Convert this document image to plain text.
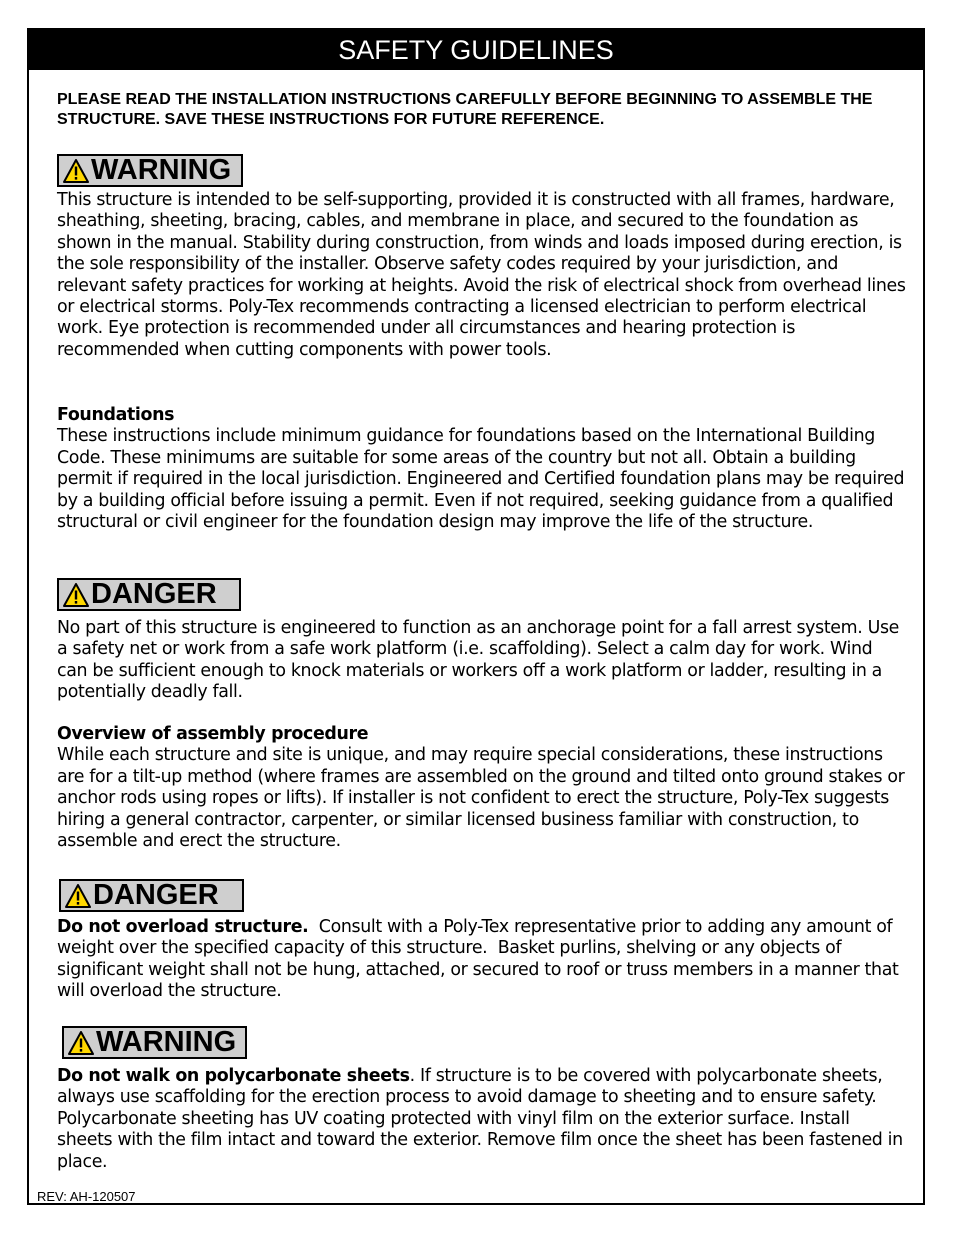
SAFETY GUIDELINES
PLEASE READ THE INSTALLATION INSTRUCTIONS CAREFULLY BEFORE BEGINNING TO ASSEMBLE THE STRUCTURE. SAVE THESE INSTRUCTIONS FOR FUTURE REFERENCE.
WARNING
This structure is intended to be self-supporting, provided it is constructed with all frames, hardware, sheathing, sheeting, bracing, cables, and membrane in place, and secured to the foundation as shown in the manual. Stability during construction, from winds and loads imposed during erection, is the sole responsibility of the installer. Observe safety codes required by your jurisdiction, and relevant safety practices for working at heights. Avoid the risk of electrical shock from overhead lines or electrical storms. Poly-Tex recommends contracting a licensed electrician to perform electrical work. Eye protection is recommended under all circumstances and hearing protection is recommended when cutting components with power tools.
Foundations
These instructions include minimum guidance for foundations based on the International Building Code. These minimums are suitable for some areas of the country but not all. Obtain a building permit if required in the local jurisdiction. Engineered and Certified foundation plans may be required by a building official before issuing a permit. Even if not required, seeking guidance from a qualified structural or civil engineer for the foundation design may improve the life of the structure.
DANGER
No part of this structure is engineered to function as an anchorage point for a fall arrest system. Use a safety net or work from a safe work platform (i.e. scaffolding). Select a calm day for work. Wind can be sufficient enough to knock materials or workers off a work platform or ladder, resulting in a potentially deadly fall.
Overview of assembly procedure
While each structure and site is unique, and may require special considerations, these instructions are for a tilt-up method (where frames are assembled on the ground and tilted onto ground stakes or anchor rods using ropes or lifts). If installer is not confident to erect the structure, Poly-Tex suggests hiring a general contractor, carpenter, or similar licensed business familiar with construction, to assemble and erect the structure.
DANGER
Do not overload structure.  Consult with a Poly-Tex representative prior to adding any amount of weight over the specified capacity of this structure.  Basket purlins, shelving or any objects of significant weight shall not be hung, attached, or secured to roof or truss members in a manner that will overload the structure.
WARNING
Do not walk on polycarbonate sheets. If structure is to be covered with polycarbonate sheets, always use scaffolding for the erection process to avoid damage to sheeting and to ensure safety. Polycarbonate sheeting has UV coating protected with vinyl film on the exterior surface. Install sheets with the film intact and toward the exterior. Remove film once the sheet has been fastened in place.
REV: AH-120507
